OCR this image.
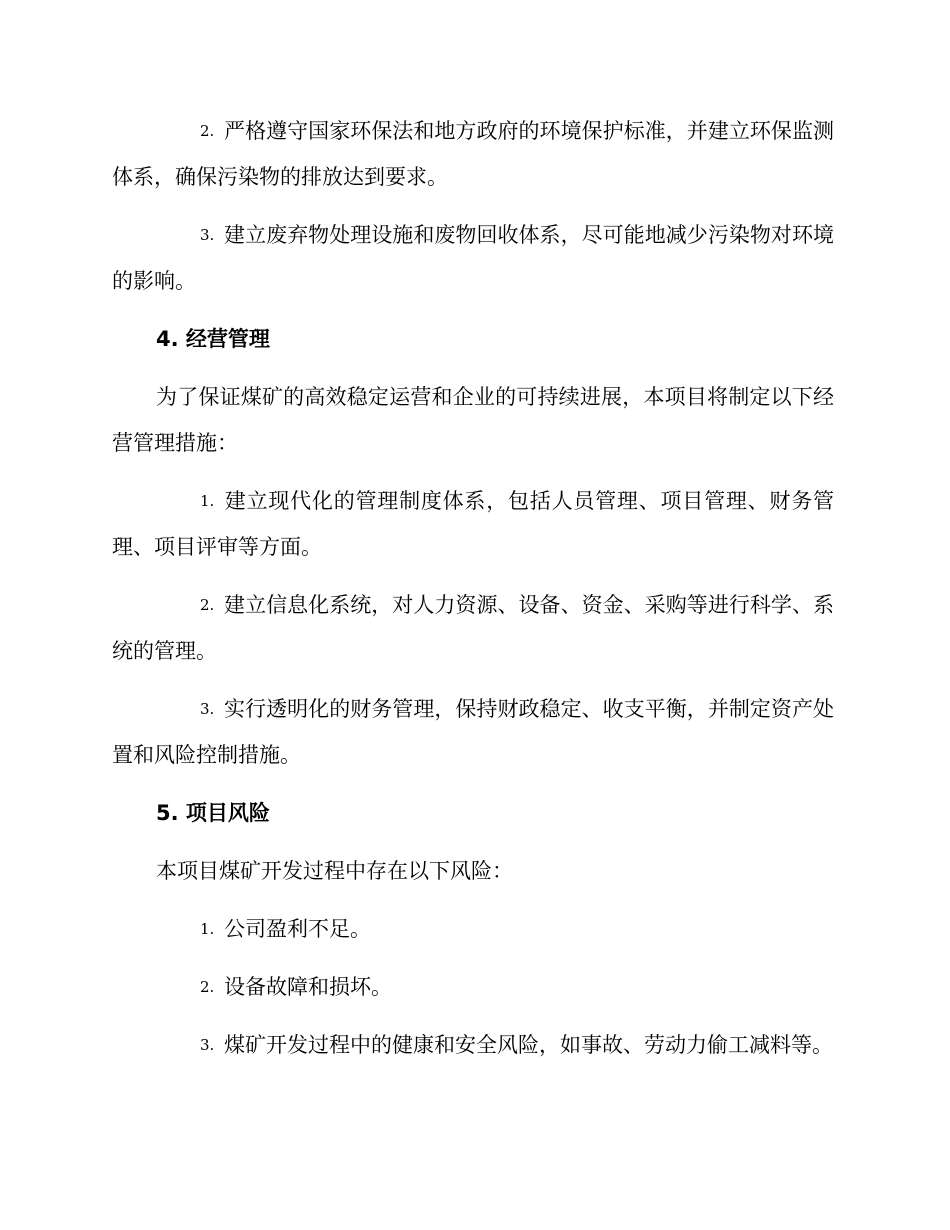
2. 严格遵守国家环保法和地方政府的环境保护标准，并建立环保监测体系，确保污染物的排放达到要求。

3. 建立废弃物处理设施和废物回收体系，尽可能地减少污染物对环境的影响。

4. 经营管理

为了保证煤矿的高效稳定运营和企业的可持续进展，本项目将制定以下经营管理措施：

1. 建立现代化的管理制度体系，包括人员管理、项目管理、财务管理、项目评审等方面。

2. 建立信息化系统，对人力资源、设备、资金、采购等进行科学、系统的管理。

3. 实行透明化的财务管理，保持财政稳定、收支平衡，并制定资产处置和风险控制措施。

5. 项目风险

本项目煤矿开发过程中存在以下风险：

1. 公司盈利不足。

2. 设备故障和损坏。

3. 煤矿开发过程中的健康和安全风险，如事故、劳动力偷工减料等。
